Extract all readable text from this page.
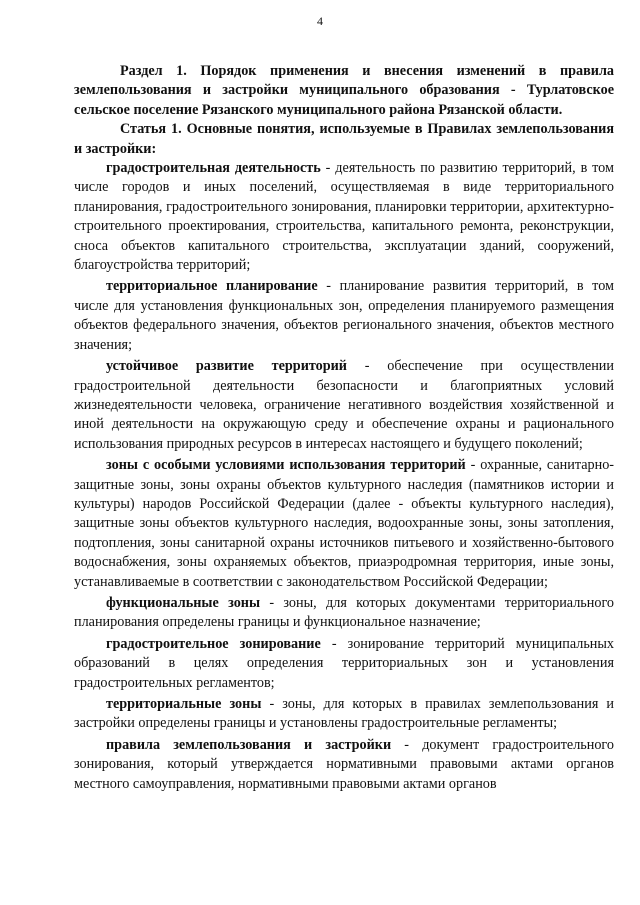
4

Раздел 1. Порядок применения и внесения изменений в правила землепользования и застройки муниципального образования - Турлатовское сельское поселение Рязанского муниципального района Рязанской области.

Статья 1. Основные понятия, используемые в Правилах землепользования и застройки:

градостроительная деятельность - деятельность по развитию территорий, в том числе городов и иных поселений, осуществляемая в виде территориального планирования, градостроительного зонирования, планировки территории, архитектурно-строительного проектирования, строительства, капитального ремонта, реконструкции, сноса объектов капитального строительства, эксплуатации зданий, сооружений, благоустройства территорий;

территориальное планирование - планирование развития территорий, в том числе для установления функциональных зон, определения планируемого размещения объектов федерального значения, объектов регионального значения, объектов местного значения;

устойчивое развитие территорий - обеспечение при осуществлении градостроительной деятельности безопасности и благоприятных условий жизнедеятельности человека, ограничение негативного воздействия хозяйственной и иной деятельности на окружающую среду и обеспечение охраны и рационального использования природных ресурсов в интересах настоящего и будущего поколений;

зоны с особыми условиями использования территорий - охранные, санитарно-защитные зоны, зоны охраны объектов культурного наследия (памятников истории и культуры) народов Российской Федерации (далее - объекты культурного наследия), защитные зоны объектов культурного наследия, водоохранные зоны, зоны затопления, подтопления, зоны санитарной охраны источников питьевого и хозяйственно-бытового водоснабжения, зоны охраняемых объектов, приаэродромная территория, иные зоны, устанавливаемые в соответствии с законодательством Российской Федерации;

функциональные зоны - зоны, для которых документами территориального планирования определены границы и функциональное назначение;

градостроительное зонирование - зонирование территорий муниципальных образований в целях определения территориальных зон и установления градостроительных регламентов;

территориальные зоны - зоны, для которых в правилах землепользования и застройки определены границы и установлены градостроительные регламенты;

правила землепользования и застройки - документ градостроительного зонирования, который утверждается нормативными правовыми актами органов местного самоуправления, нормативными правовыми актами органов
